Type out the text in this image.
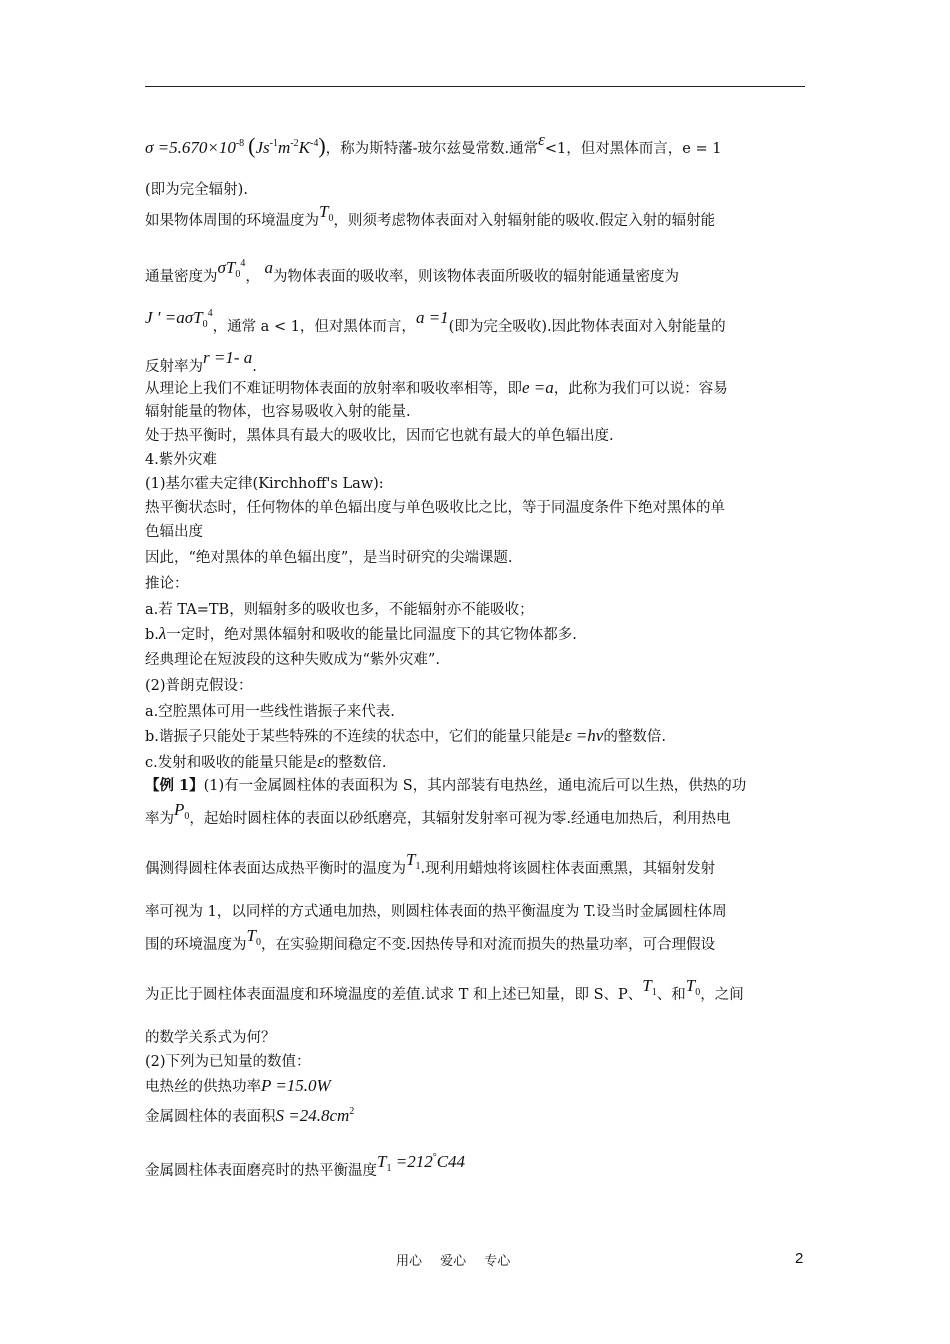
$\sigma =5.670\times 10^{-8}$ $(Js^{-1}m^{-2}K^{-4})$，称为斯特藩-玻尔兹曼常数.通常ε<1，但对黑体而言，e = 1
(即为完全辐射).
如果物体周围的环境温度为$T_0$，则须考虑物体表面对入射辐射能的吸收.假定入射的辐射能
通量密度为$\sigma T_0^4$， a为物体表面的吸收率，则该物体表面所吸收的辐射能通量密度为
J ′ =aσT$_0^4$，通常 a < 1，但对黑体而言，a =1(即为完全吸收).因此物体表面对入射能量的
反射率为r =1- a.
从理论上我们不难证明物体表面的放射率和吸收率相等，即e =a，此称为我们可以说：容易
辐射能量的物体，也容易吸收入射的能量.
处于热平衡时，黑体具有最大的吸收比，因而它也就有最大的单色辐出度.
4.紫外灾难
(1)基尔霍夫定律(Kirchhoff's Law):
热平衡状态时，任何物体的单色辐出度与单色吸收比之比，等于同温度条件下绝对黑体的单
色辐出度
因此，“绝对黑体的单色辐出度”，是当时研究的尖端课题.
推论：
a.若 TA=TB，则辐射多的吸收也多，不能辐射亦不能吸收；
b.λ一定时，绝对黑体辐射和吸收的能量比同温度下的其它物体都多.
经典理论在短波段的这种失败成为“紫外灾难”.
(2)普朗克假设：
a.空腔黑体可用一些线性谐振子来代表.
b.谐振子只能处于某些特殊的不连续的状态中，它们的能量只能是ε =hν的整数倍.
c.发射和吸收的能量只能是ε的整数倍.
【例 1】(1)有一金属圆柱体的表面积为 S，其内部装有电热丝，通电流后可以生热，供热的功
率为$P_0$，起始时圆柱体的表面以砂纸磨亮，其辐射发射率可视为零.经通电加热后，利用热电
偶测得圆柱体表面达成热平衡时的温度为$T_1$.现利用蜡烛将该圆柱体表面熏黑，其辐射发射
率可视为 1，以同样的方式通电加热，则圆柱体表面的热平衡温度为 T.设当时金属圆柱体周
围的环境温度为$T_0$，在实验期间稳定不变.因热传导和对流而损失的热量功率，可合理假设
为正比于圆柱体表面温度和环境温度的差值.试求 T 和上述已知量，即 S、P、$T_1$、和$T_0$，之间
的数学关系式为何？
(2)下列为已知量的数值：
电热丝的供热功率P =15.0W
金属圆柱体的表面积$S =24.8cm^2$
金属圆柱体表面磨亮时的热平衡温度$T_1 =212^\circ C44$
用心 爱心 专心	2
